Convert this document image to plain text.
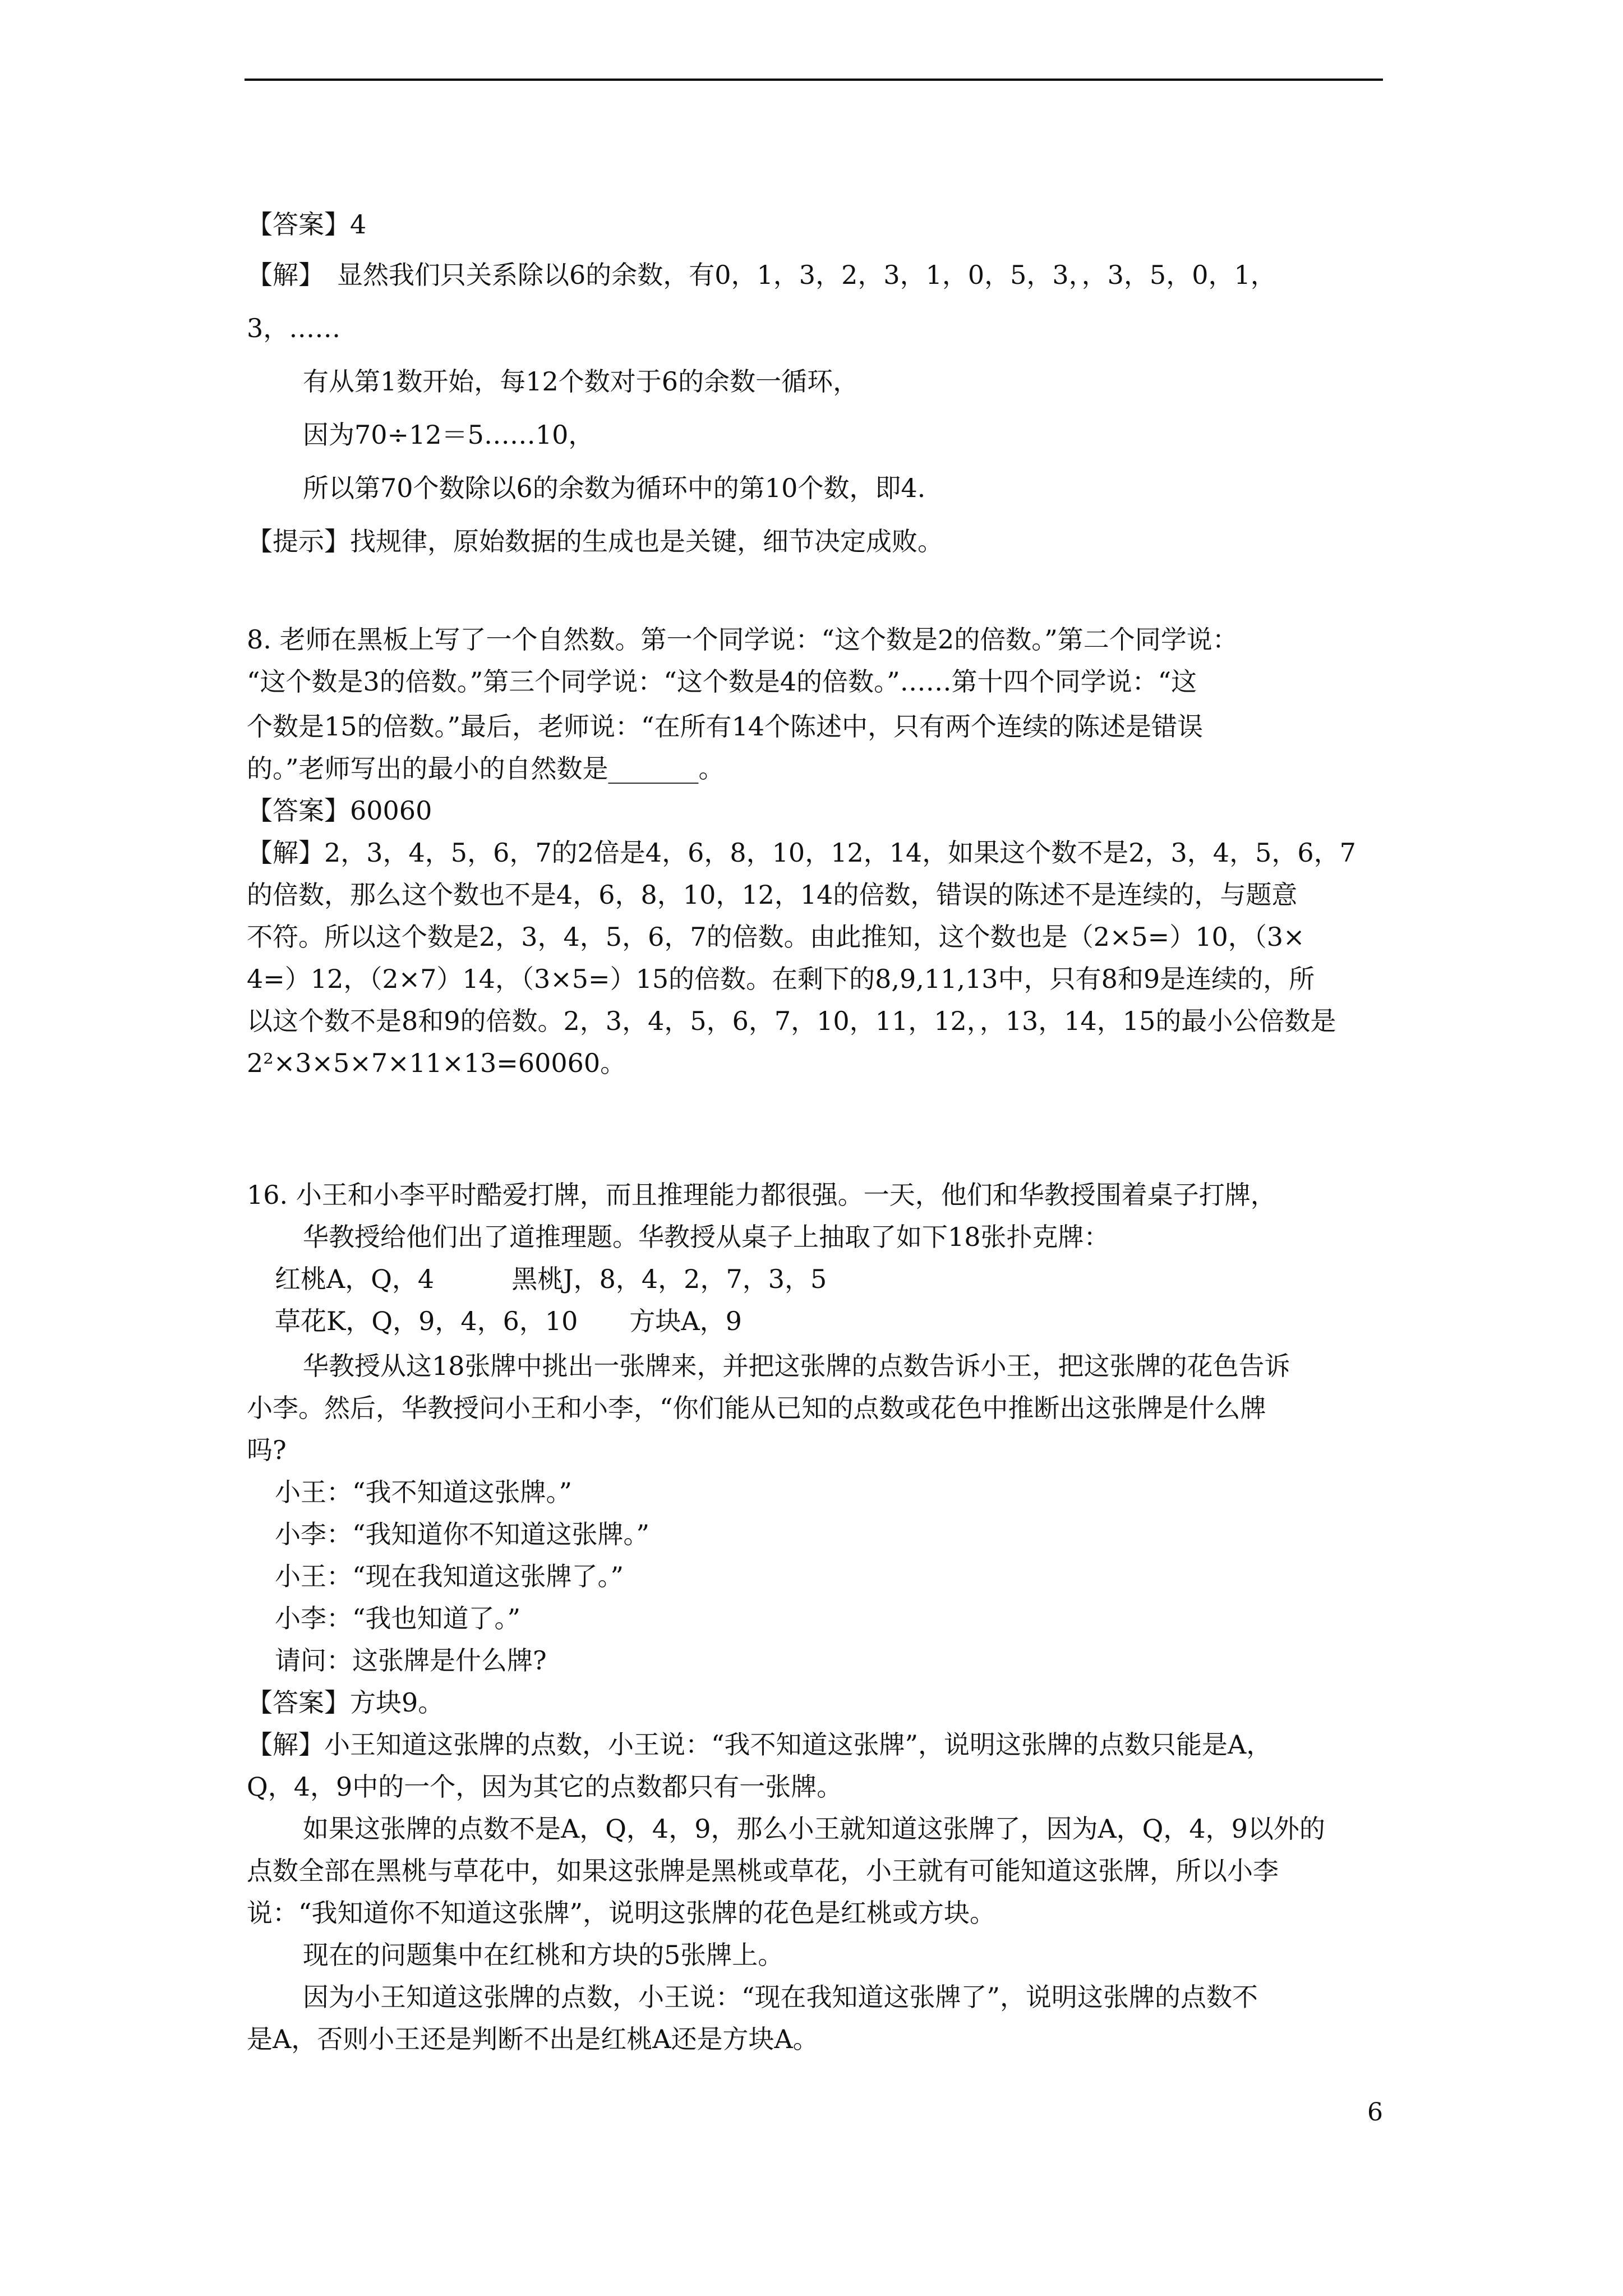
【答案】4
【解】　显然我们只关系除以6的余数，有0，1，3，2，3，1，0，5，3，，3，5，0，1，
3，……
有从第1数开始，每12个数对于6的余数一循环，
因为70÷12＝5……10，
所以第70个数除以6的余数为循环中的第10个数，即4.
【提示】找规律，原始数据的生成也是关键，细节决定成败。
8. 老师在黑板上写了一个自然数。第一个同学说：“这个数是2的倍数。”第二个同学说：
“这个数是3的倍数。”第三个同学说：“这个数是4的倍数。”……第十四个同学说：“这
个数是15的倍数。”最后，老师说：“在所有14个陈述中，只有两个连续的陈述是错误
的。”老师写出的最小的自然数是_______。
【答案】60060
【解】2，3，4，5，6，7的2倍是4，6，8，10，12，14，如果这个数不是2，3，4，5，6，7
的倍数，那么这个数也不是4，6，8，10，12，14的倍数，错误的陈述不是连续的，与题意
不符。所以这个数是2，3，4，5，6，7的倍数。由此推知，这个数也是（2×5=）10，（3×
4=）12，（2×7）14，（3×5=）15的倍数。在剩下的8,9,11,13中，只有8和9是连续的，所
以这个数不是8和9的倍数。2，3，4，5，6，7，10，11，12，，13，14，15的最小公倍数是
2²×3×5×7×11×13=60060。
16. 小王和小李平时酷爱打牌，而且推理能力都很强。一天，他们和华教授围着桌子打牌，
华教授给他们出了道推理题。华教授从桌子上抽取了如下18张扑克牌：
红桃A，Q，4　　　黑桃J，8，4，2，7，3，5
草花K，Q，9，4，6，10　　方块A，9
华教授从这18张牌中挑出一张牌来，并把这张牌的点数告诉小王，把这张牌的花色告诉
小李。然后，华教授问小王和小李，“你们能从已知的点数或花色中推断出这张牌是什么牌
吗?
小王：“我不知道这张牌。”
小李：“我知道你不知道这张牌。”
小王：“现在我知道这张牌了。”
小李：“我也知道了。”
请问：这张牌是什么牌?
【答案】方块9。
【解】小王知道这张牌的点数，小王说：“我不知道这张牌”，说明这张牌的点数只能是A，
Q，4，9中的一个，因为其它的点数都只有一张牌。
如果这张牌的点数不是A，Q，4，9，那么小王就知道这张牌了，因为A，Q，4，9以外的
点数全部在黑桃与草花中，如果这张牌是黑桃或草花，小王就有可能知道这张牌，所以小李
说：“我知道你不知道这张牌”，说明这张牌的花色是红桃或方块。
现在的问题集中在红桃和方块的5张牌上。
因为小王知道这张牌的点数，小王说：“现在我知道这张牌了”，说明这张牌的点数不
是A，否则小王还是判断不出是红桃A还是方块A。
6
